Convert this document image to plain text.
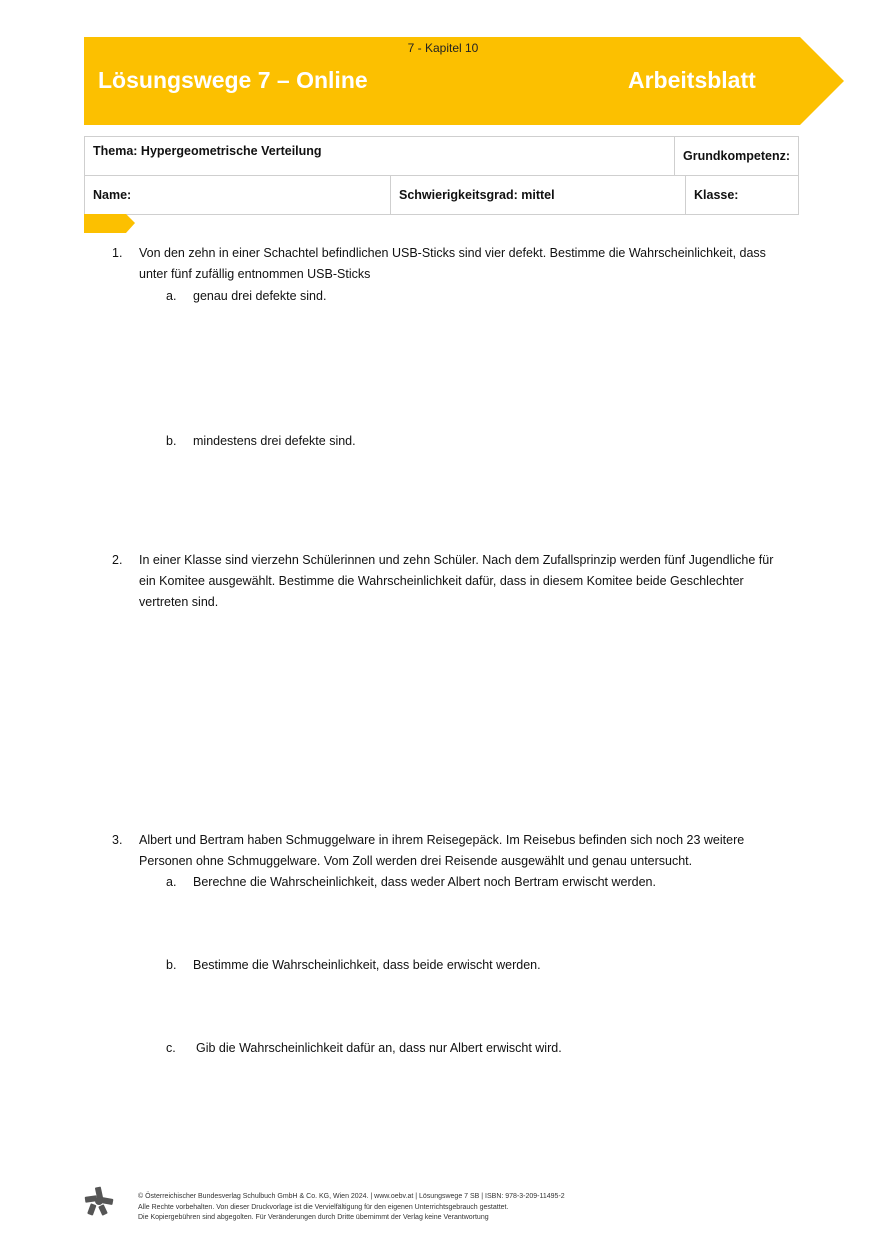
7 - Kapitel 10
Lösungswege 7 – Online	Arbeitsblatt
Thema: Hypergeometrische Verteilung		Grundkompetenz:	
Name:	Schwierigkeitsgrad: mittel		Klasse:
1. Von den zehn in einer Schachtel befindlichen USB-Sticks sind vier defekt. Bestimme die Wahrscheinlichkeit, dass
unter fünf zufällig entnommen USB-Sticks
a. genau drei defekte sind.
b. mindestens drei defekte sind.
2. In einer Klasse sind vierzehn Schülerinnen und zehn Schüler. Nach dem Zufallsprinzip werden fünf Jugendliche für
ein Komitee ausgewählt. Bestimme die Wahrscheinlichkeit dafür, dass in diesem Komitee beide Geschlechter
vertreten sind.
3. Albert und Bertram haben Schmuggelware in ihrem Reisegepäck. Im Reisebus befinden sich noch 23 weitere
Personen ohne Schmuggelware. Vom Zoll werden drei Reisende ausgewählt und genau untersucht.
a. Berechne die Wahrscheinlichkeit, dass weder Albert noch Bertram erwischt werden.
b. Bestimme die Wahrscheinlichkeit, dass beide erwischt werden.
c. Gib die Wahrscheinlichkeit dafür an, dass nur Albert erwischt wird.
© Österreichischer Bundesverlag Schulbuch GmbH & Co. KG, Wien 2024. | www.oebv.at | Lösungswege 7 SB | ISBN: 978-3-209-11495-2
Alle Rechte vorbehalten. Von dieser Druckvorlage ist die Vervielfältigung für den eigenen Unterrichtsgebrauch gestattet.
Die Kopiergebühren sind abgegolten. Für Veränderungen durch Dritte übernimmt der Verlag keine Verantwortung
